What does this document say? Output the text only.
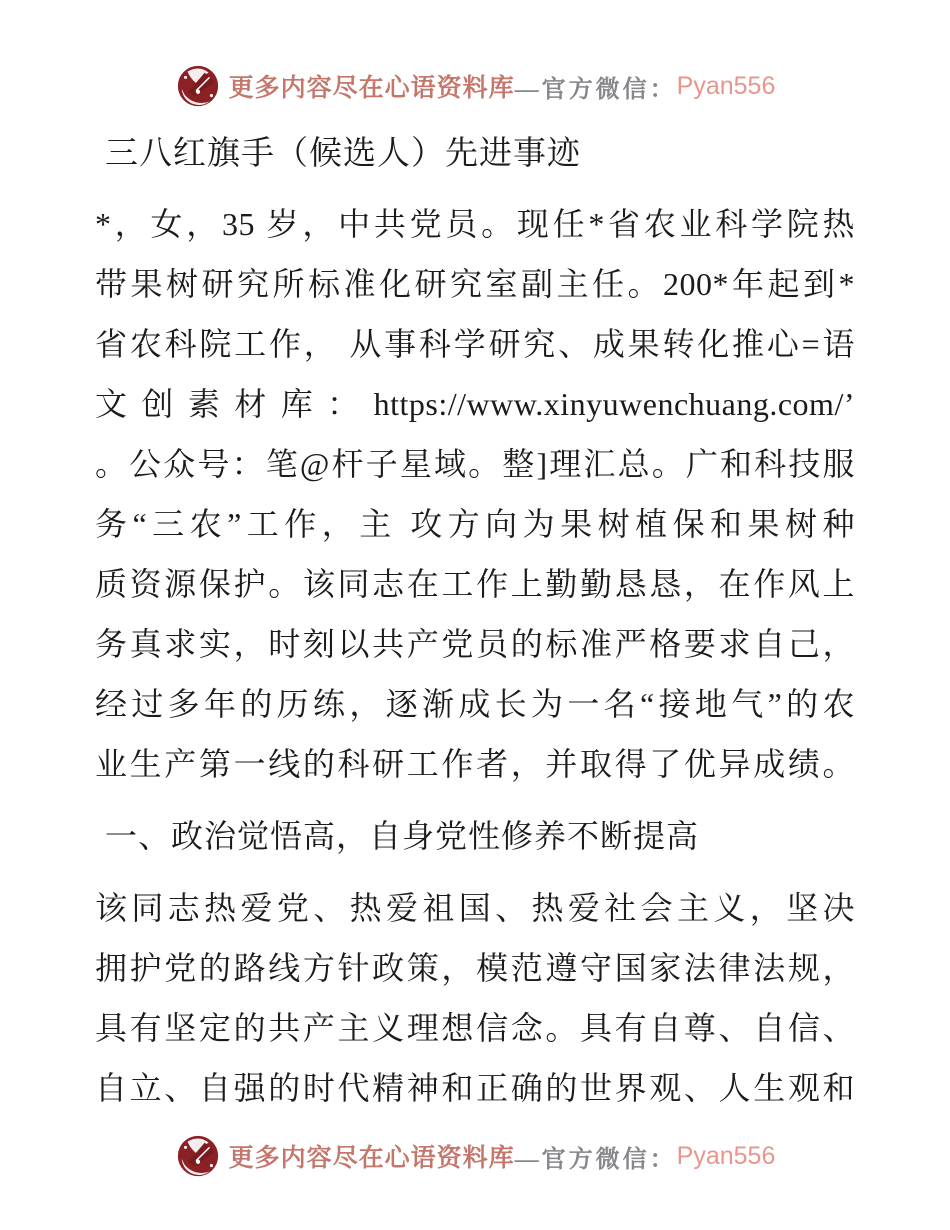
更多内容尽在心语资料库 —官方微信： Pyan556
三八红旗手（候选人）先进事迹
*，女，35 岁，中共党员。现任*省农业科学院热
带果树研究所标准化研究室副主任。200*年起到*
省农科院工作， 从事科学研究、成果转化推心=语
文创素材库：https://www.xinyuwenchuang.com/’
。公众号：笔@杆子星域。整]理汇总。广和科技服
务“三农”工作，主 攻方向为果树植保和果树种
质资源保护。该同志在工作上勤勤恳恳，在作风上
务真求实，时刻以共产党员的标准严格要求自己，
经过多年的历练，逐渐成长为一名“接地气”的农
业生产第一线的科研工作者，并取得了优异成绩。
一、政治觉悟高，自身党性修养不断提高
该同志热爱党、热爱祖国、热爱社会主义，坚决
拥护党的路线方针政策，模范遵守国家法律法规，
具有坚定的共产主义理想信念。具有自尊、自信、
自立、自强的时代精神和正确的世界观、人生观和
更多内容尽在心语资料库 —官方微信： Pyan556
